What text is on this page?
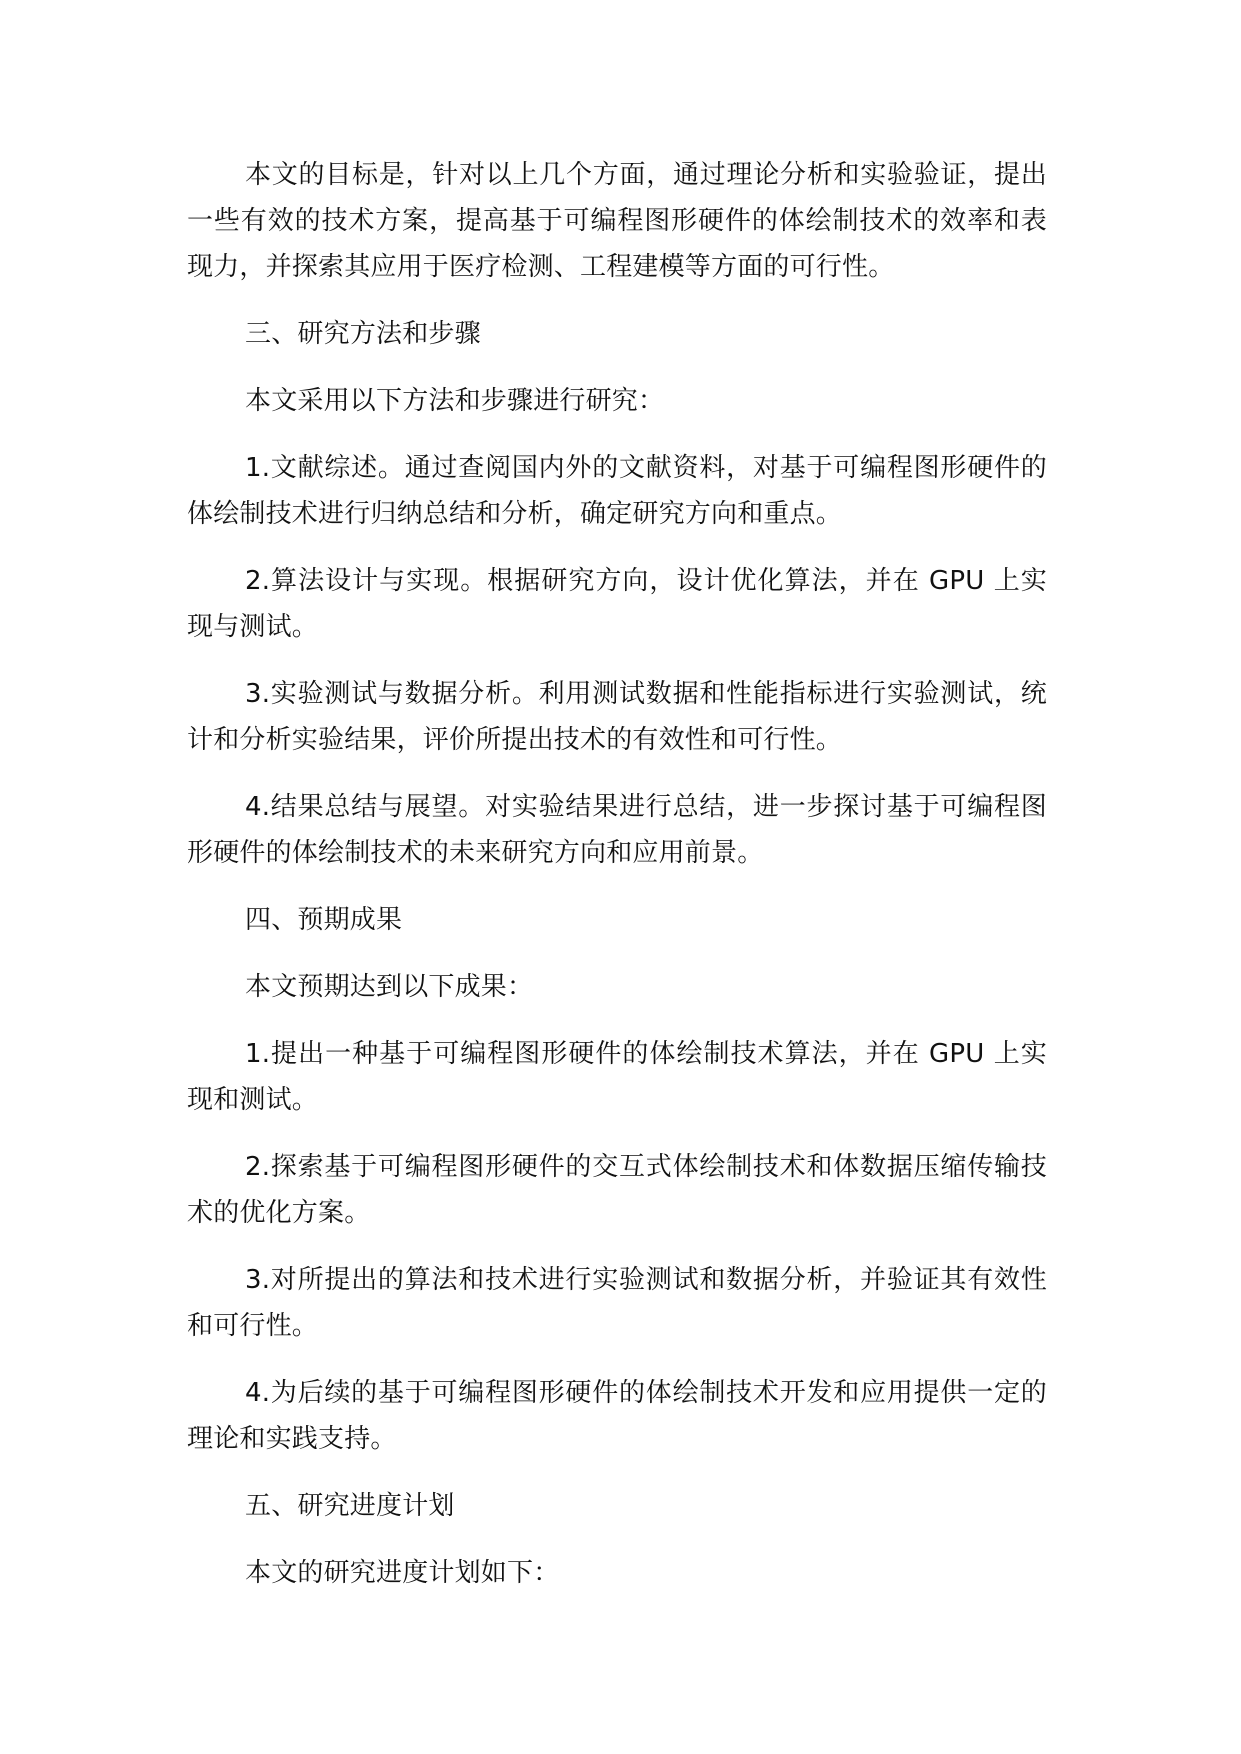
本文的目标是，针对以上几个方面，通过理论分析和实验验证，提出一些有效的技术方案，提高基于可编程图形硬件的体绘制技术的效率和表现力，并探索其应用于医疗检测、工程建模等方面的可行性。

三、研究方法和步骤

本文采用以下方法和步骤进行研究：

1.文献综述。通过查阅国内外的文献资料，对基于可编程图形硬件的体绘制技术进行归纳总结和分析，确定研究方向和重点。

2.算法设计与实现。根据研究方向，设计优化算法，并在 GPU 上实现与测试。

3.实验测试与数据分析。利用测试数据和性能指标进行实验测试，统计和分析实验结果，评价所提出技术的有效性和可行性。

4.结果总结与展望。对实验结果进行总结，进一步探讨基于可编程图形硬件的体绘制技术的未来研究方向和应用前景。

四、预期成果

本文预期达到以下成果：

1.提出一种基于可编程图形硬件的体绘制技术算法，并在 GPU 上实现和测试。

2.探索基于可编程图形硬件的交互式体绘制技术和体数据压缩传输技术的优化方案。

3.对所提出的算法和技术进行实验测试和数据分析，并验证其有效性和可行性。

4.为后续的基于可编程图形硬件的体绘制技术开发和应用提供一定的理论和实践支持。

五、研究进度计划

本文的研究进度计划如下：
